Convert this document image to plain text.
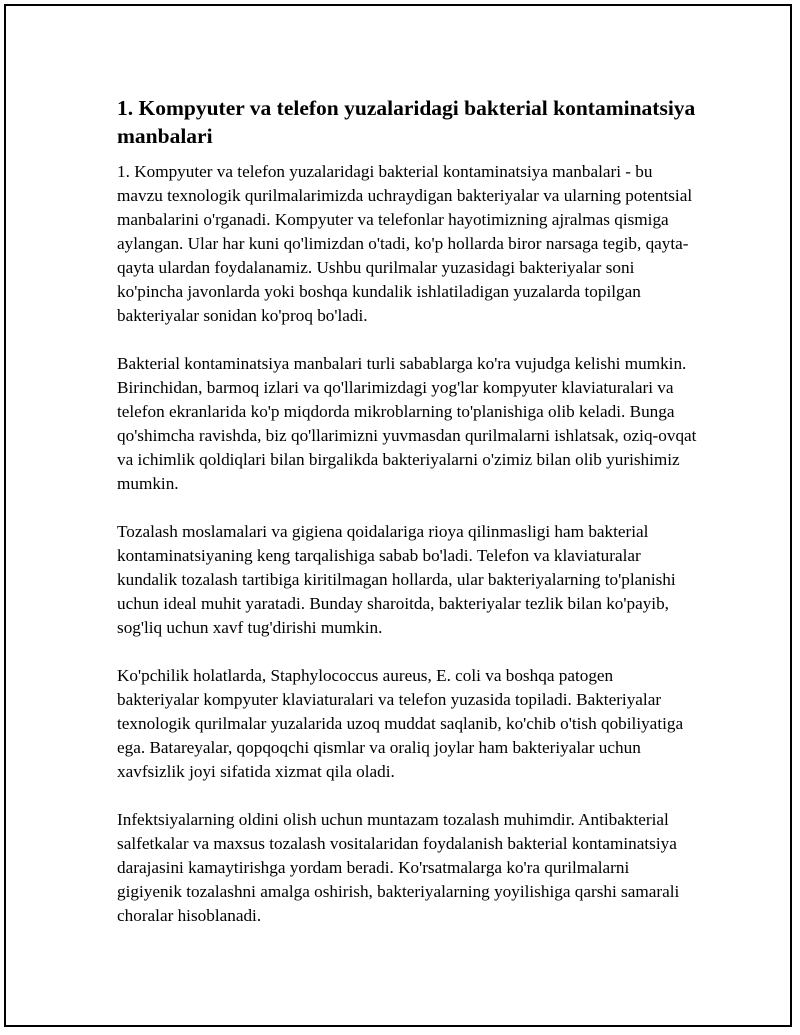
1. Kompyuter va telefon yuzalaridagi bakterial kontaminatsiya manbalari

1. Kompyuter va telefon yuzalaridagi bakterial kontaminatsiya manbalari - bu mavzu texnologik qurilmalarimizda uchraydigan bakteriyalar va ularning potentsial manbalarini o'rganadi. Kompyuter va telefonlar hayotimizning ajralmas qismiga aylangan. Ular har kuni qo'limizdan o'tadi, ko'p hollarda biror narsaga tegib, qayta-qayta ulardan foydalanamiz. Ushbu qurilmalar yuzasidagi bakteriyalar soni ko'pincha javonlarda yoki boshqa kundalik ishlatiladigan yuzalarda topilgan bakteriyalar sonidan ko'proq bo'ladi.

Bakterial kontaminatsiya manbalari turli sabablarga ko'ra vujudga kelishi mumkin. Birinchidan, barmoq izlari va qo'llarimizdagi yog'lar kompyuter klaviaturalari va telefon ekranlarida ko'p miqdorda mikroblarning to'planishiga olib keladi. Bunga qo'shimcha ravishda, biz qo'llarimizni yuvmasdan qurilmalarni ishlatsak, oziq-ovqat va ichimlik qoldiqlari bilan birgalikda bakteriyalarni o'zimiz bilan olib yurishimiz mumkin.

Tozalash moslamalari va gigiena qoidalariga rioya qilinmasligi ham bakterial kontaminatsiyaning keng tarqalishiga sabab bo'ladi. Telefon va klaviaturalar kundalik tozalash tartibiga kiritilmagan hollarda, ular bakteriyalarning to'planishi uchun ideal muhit yaratadi. Bunday sharoitda, bakteriyalar tezlik bilan ko'payib, sog'liq uchun xavf tug'dirishi mumkin.

Ko'pchilik holatlarda, Staphylococcus aureus, E. coli va boshqa patogen bakteriyalar kompyuter klaviaturalari va telefon yuzasida topiladi. Bakteriyalar texnologik qurilmalar yuzalarida uzoq muddat saqlanib, ko'chib o'tish qobiliyatiga ega. Batareyalar, qopqoqchi qismlar va oraliq joylar ham bakteriyalar uchun xavfsizlik joyi sifatida xizmat qila oladi.

Infektsiyalarning oldini olish uchun muntazam tozalash muhimdir. Antibakterial salfetkalar va maxsus tozalash vositalaridan foydalanish bakterial kontaminatsiya darajasini kamaytirishga yordam beradi. Ko'rsatmalarga ko'ra qurilmalarni gigiyenik tozalashni amalga oshirish, bakteriyalarning yoyilishiga qarshi samarali choralar hisoblanadi.
